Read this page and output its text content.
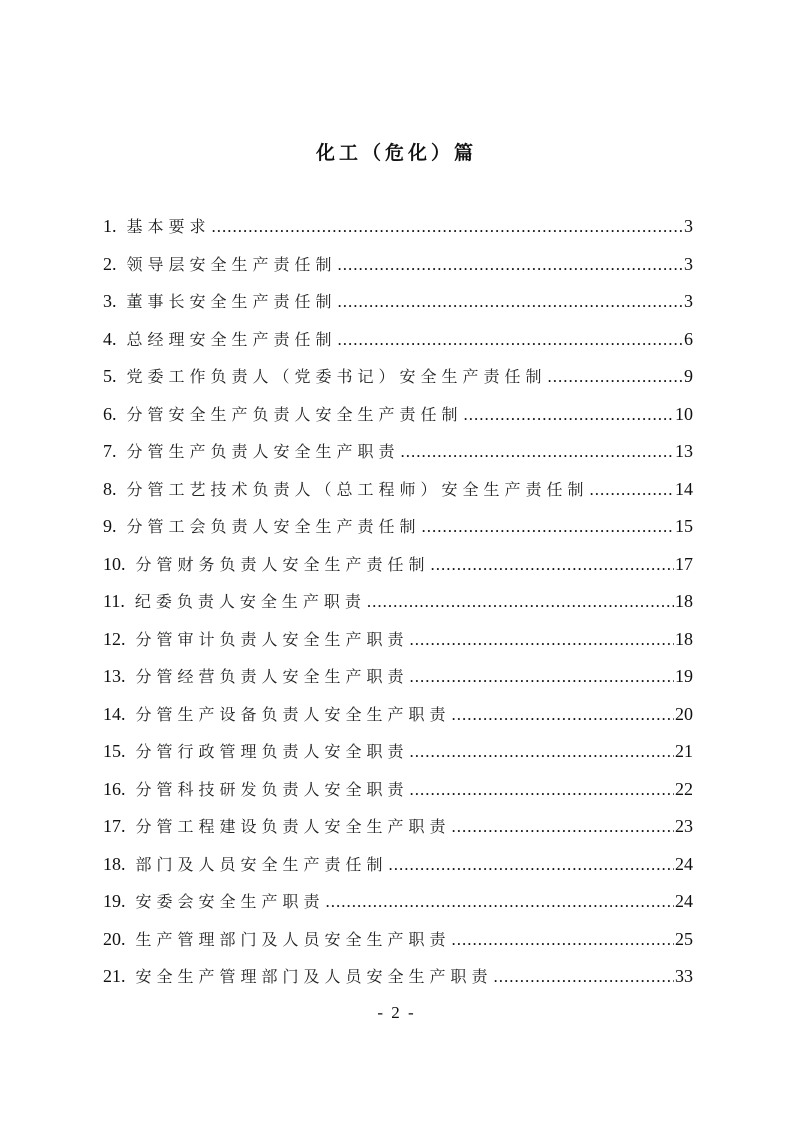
化工（危化）篇
1. 基本要求 .....	3
2. 领导层安全生产责任制 .....	3
3. 董事长安全生产责任制 .....	3
4. 总经理安全生产责任制 .....	6
5. 党委工作负责人（党委书记）安全生产责任制 .....	9
6. 分管安全生产负责人安全生产责任制 .....	10
7. 分管生产负责人安全生产职责 .....	13
8. 分管工艺技术负责人（总工程师）安全生产责任制 .....	14
9. 分管工会负责人安全生产责任制 .....	15
10. 分管财务负责人安全生产责任制 .....	17
11. 纪委负责人安全生产职责 .....	18
12. 分管审计负责人安全生产职责 .....	18
13. 分管经营负责人安全生产职责 .....	19
14. 分管生产设备负责人安全生产职责 .....	20
15. 分管行政管理负责人安全职责 .....	21
16. 分管科技研发负责人安全职责 .....	22
17. 分管工程建设负责人安全生产职责 .....	23
18. 部门及人员安全生产责任制 .....	24
19. 安委会安全生产职责 .....	24
20. 生产管理部门及人员安全生产职责 .....	25
21. 安全生产管理部门及人员安全生产职责 .....	33
- 2 -
